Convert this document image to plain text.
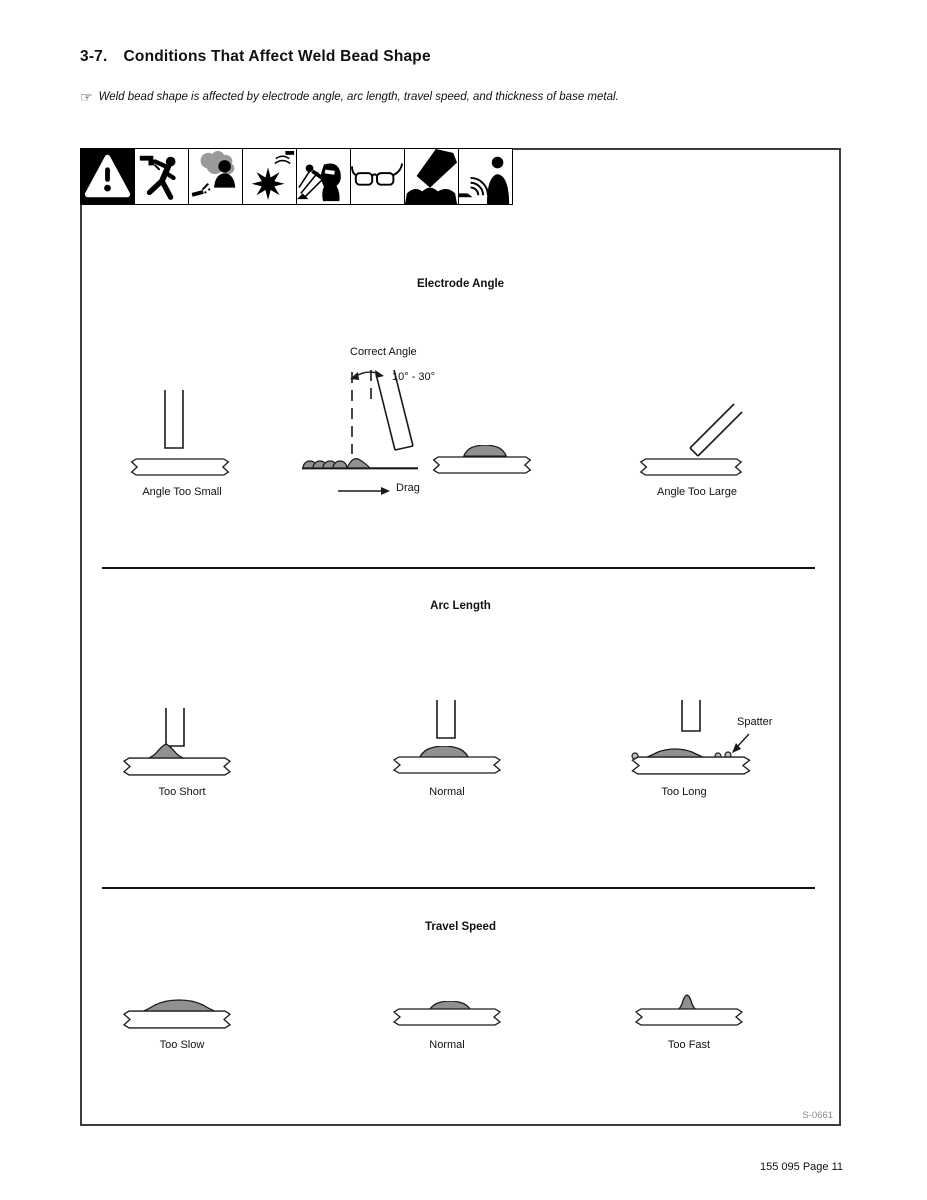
3-7. Conditions That Affect Weld Bead Shape
☞ Weld bead shape is affected by electrode angle, arc length, travel speed, and thickness of base metal.
Electrode Angle
Angle Too Small
Correct Angle
10° - 30°
Drag	Angle Too Large
Arc Length
Too Short	Normal
Spatter
Too Long
Travel Speed
Too Slow	Normal	Too Fast
S-0661
155 095 Page 11
